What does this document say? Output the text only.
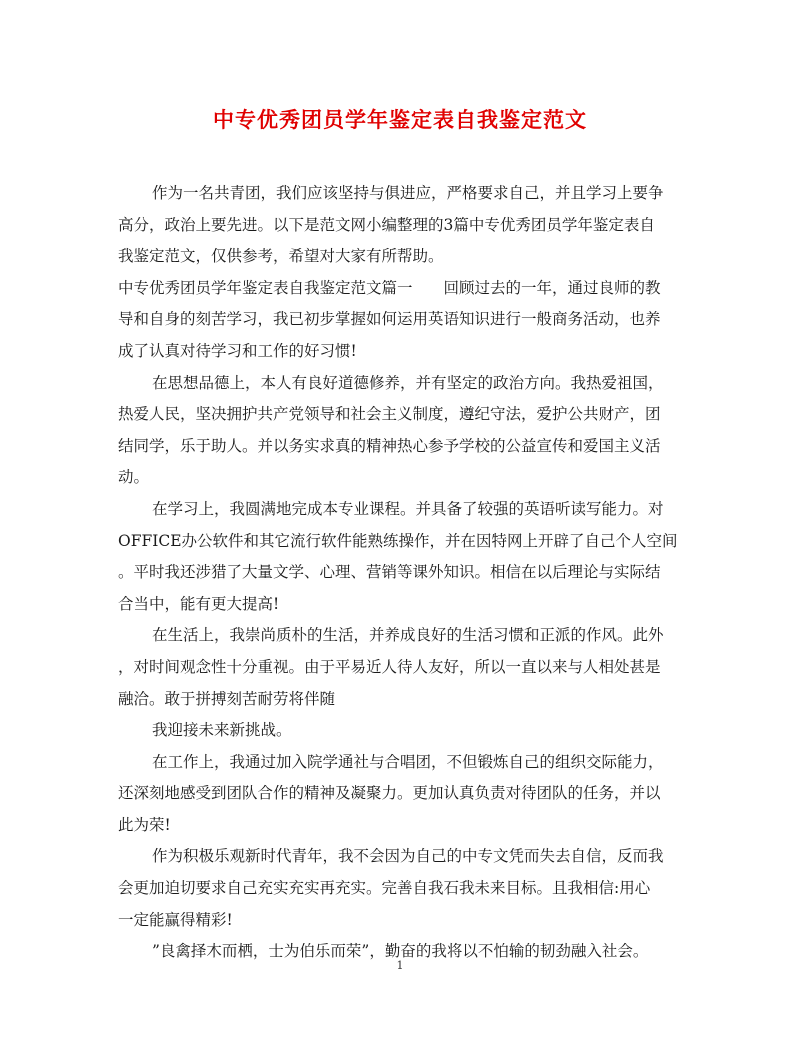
中专优秀团员学年鉴定表自我鉴定范文
作为一名共青团，我们应该坚持与俱进应，严格要求自己，并且学习上要争
高分，政治上要先进。以下是范文网小编整理的3篇中专优秀团员学年鉴定表自
我鉴定范文，仅供参考，希望对大家有所帮助。
中专优秀团员学年鉴定表自我鉴定范文篇一　　回顾过去的一年，通过良师的教
导和自身的刻苦学习，我已初步掌握如何运用英语知识进行一般商务活动，也养
成了认真对待学习和工作的好习惯!
在思想品德上，本人有良好道德修养，并有坚定的政治方向。我热爱祖国，
热爱人民，坚决拥护共产党领导和社会主义制度，遵纪守法，爱护公共财产，团
结同学，乐于助人。并以务实求真的精神热心参予学校的公益宣传和爱国主义活
动。
在学习上，我圆满地完成本专业课程。并具备了较强的英语听读写能力。对
OFFICE办公软件和其它流行软件能熟练操作，并在因特网上开辟了自己个人空间
。平时我还涉猎了大量文学、心理、营销等课外知识。相信在以后理论与实际结
合当中，能有更大提高!
在生活上，我崇尚质朴的生活，并养成良好的生活习惯和正派的作风。此外
，对时间观念性十分重视。由于平易近人待人友好，所以一直以来与人相处甚是
融洽。敢于拼搏刻苦耐劳将伴随
我迎接未来新挑战。
在工作上，我通过加入院学通社与合唱团，不但锻炼自己的组织交际能力，
还深刻地感受到团队合作的精神及凝聚力。更加认真负责对待团队的任务，并以
此为荣!
作为积极乐观新时代青年，我不会因为自己的中专文凭而失去自信，反而我
会更加迫切要求自己充实充实再充实。完善自我石我未来目标。且我相信:用心
一定能赢得精彩!
”良禽择木而栖，士为伯乐而荣”，勤奋的我将以不怕输的韧劲融入社会。
1
